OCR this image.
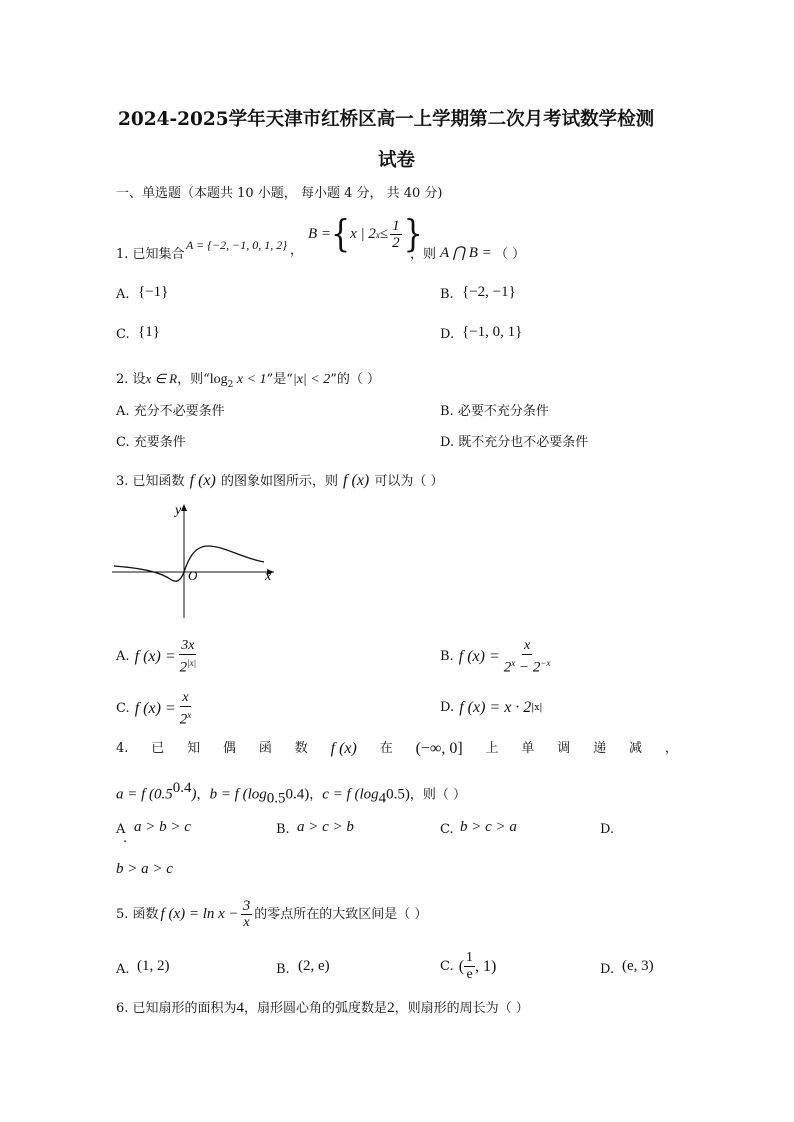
2024-2025学年天津市红桥区高一上学期第二次月考试数学检测
试卷
一、单选题（本题共 10 小题， 每小题 4 分， 共 40 分)
1. 已知集合
A = {−2, −1, 0, 1, 2} ，
B = { x | 2 $x \le \frac{1}{2}$ }
，则 A ⋂ B = （ ）
A. {−1}	B. {−2, −1}
C. {1}	D. {−1, 0, 1}
2. 设x ∈ R，则“$\log_2$ x < 1”是“|x| < 2”的（ ）
A. 充分不必要条件	B. 必要不充分条件
C. 充要条件	D. 既不充分也不必要条件
3. 已知函数 f (x) 的图象如图所示，则 f (x) 可以为（ ）
y
x
O
A.
f $(x) = \frac{3x}{2^{|x|}}$	B.
f $(x) = \frac{x}{2^x - 2^{-x}}$
C.
f $(x) = \frac{x}{2^x}$	D.
f (x) = x · 2 |x|
4. 已 知 偶 函 数 f (x) 在 (−∞, 0] 上 单 调 递 减 ，
a = f $(0.5^{0.4})$，b = f $(\log_{0.5}0.4)$，c = f $(\log_40.5)$，则（ ）
A
.
a > b > c	B. a > c > b	C. b > c > a	D.
b > a > c
5. 函数 f $(x) = \ln x - \frac{3}{x}$ 的零点所在的大致区间是（ ）
A. (1, 2)	B. (2, e)	C.
( $\frac{1}{e}$ , 1)	D. (e, 3)
6. 已知扇形的面积为4，扇形圆心角的弧度数是2，则扇形的周长为（ ）
